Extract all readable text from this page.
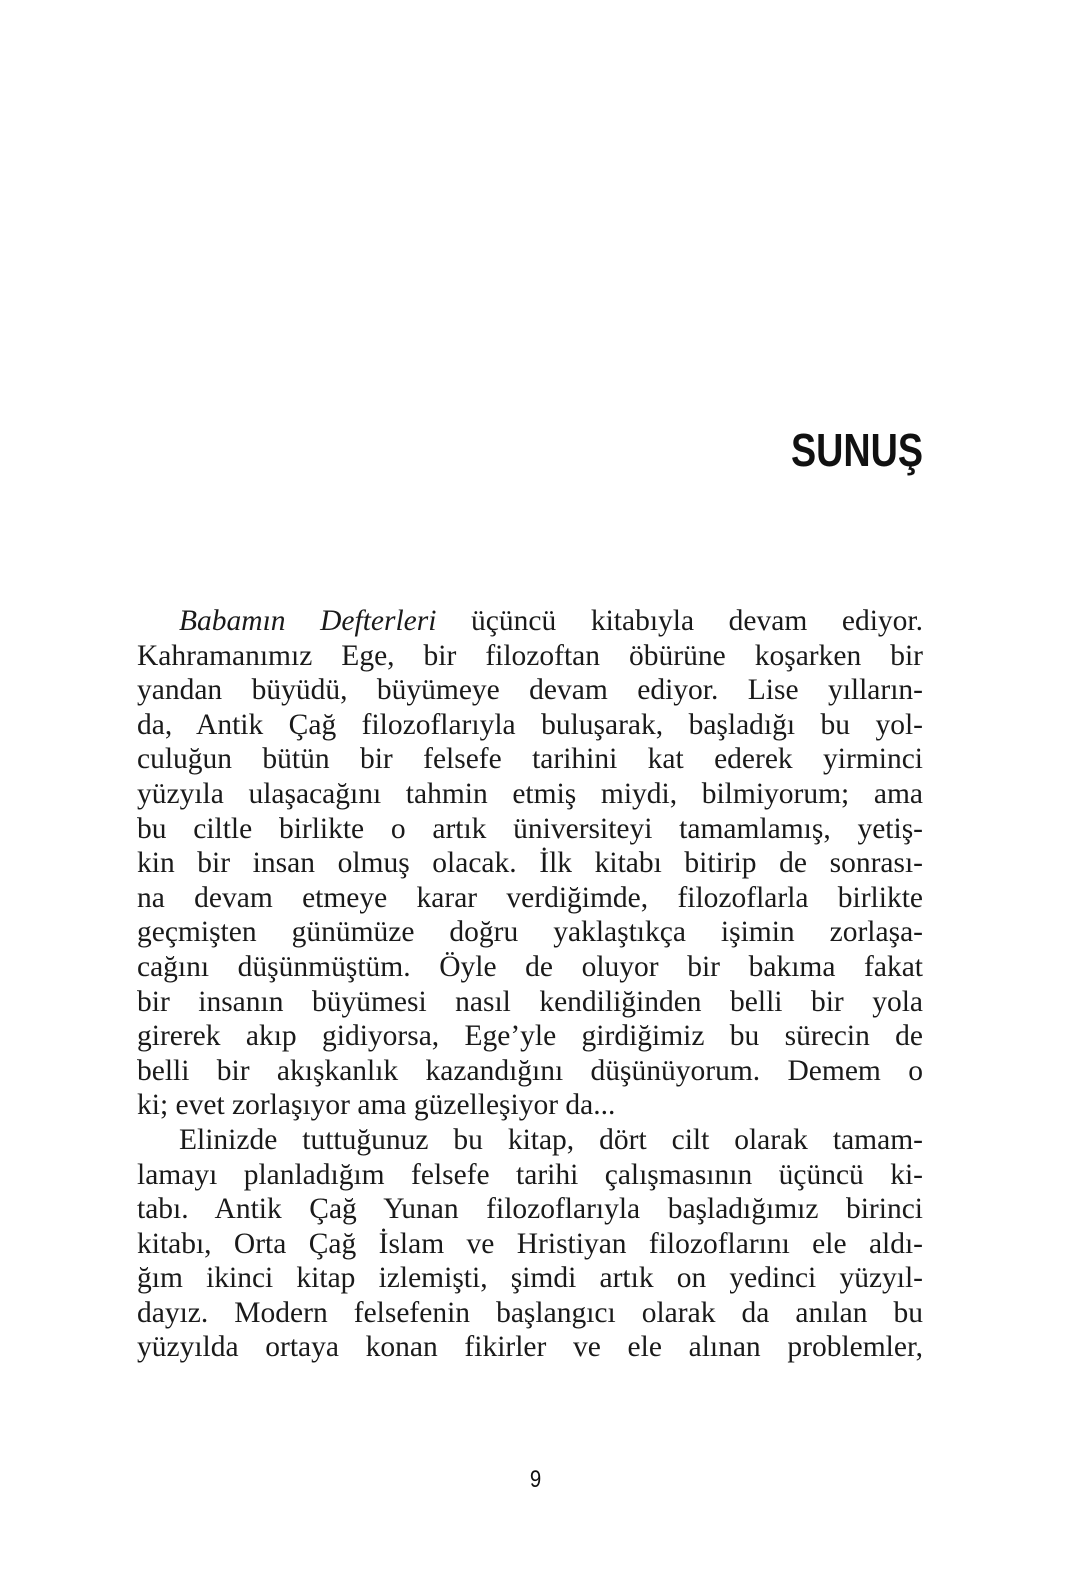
SUNUŞ
Babamın Defterleri üçüncü kitabıyla devam ediyor.
Kahramanımız Ege, bir filozoftan öbürüne koşarken bir
yandan büyüdü, büyümeye devam ediyor. Lise yılların-
da, Antik Çağ filozoflarıyla buluşarak, başladığı bu yol-
culuğun bütün bir felsefe tarihini kat ederek yirminci
yüzyıla ulaşacağını tahmin etmiş miydi, bilmiyorum; ama
bu ciltle birlikte o artık üniversiteyi tamamlamış, yetiş-
kin bir insan olmuş olacak. İlk kitabı bitirip de sonrası-
na devam etmeye karar verdiğimde, filozoflarla birlikte
geçmişten günümüze doğru yaklaştıkça işimin zorlaşa-
cağını düşünmüştüm. Öyle de oluyor bir bakıma fakat
bir insanın büyümesi nasıl kendiliğinden belli bir yola
girerek akıp gidiyorsa, Ege’yle girdiğimiz bu sürecin de
belli bir akışkanlık kazandığını düşünüyorum. Demem o
ki; evet zorlaşıyor ama güzelleşiyor da...
Elinizde tuttuğunuz bu kitap, dört cilt olarak tamam-
lamayı planladığım felsefe tarihi çalışmasının üçüncü ki-
tabı. Antik Çağ Yunan filozoflarıyla başladığımız birinci
kitabı, Orta Çağ İslam ve Hristiyan filozoflarını ele aldı-
ğım ikinci kitap izlemişti, şimdi artık on yedinci yüzyıl-
dayız. Modern felsefenin başlangıcı olarak da anılan bu
yüzyılda ortaya konan fikirler ve ele alınan problemler,
9
